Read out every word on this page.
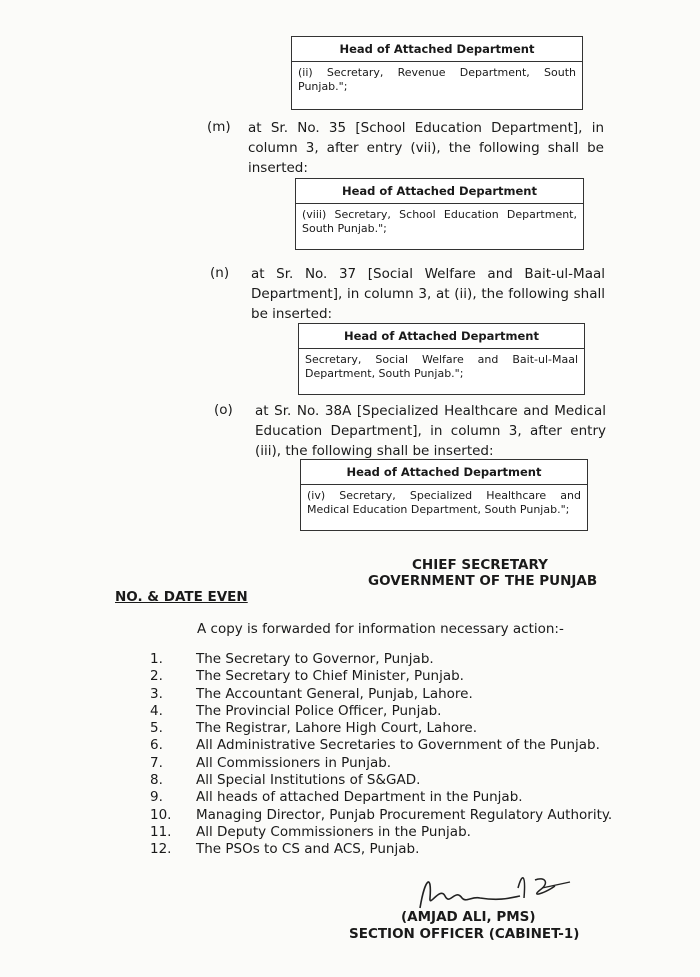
Head of Attached Department
(ii) Secretary, Revenue Department, South Punjab.";
(m) at Sr. No. 35 [School Education Department], in column 3, after entry (vii), the following shall be inserted:
Head of Attached Department
(viii) Secretary, School Education Department, South Punjab.";
(n) at Sr. No. 37 [Social Welfare and Bait-ul-Maal Department], in column 3, at (ii), the following shall be inserted:
Head of Attached Department
Secretary, Social Welfare and Bait-ul-Maal Department, South Punjab.";
(o) at Sr. No. 38A [Specialized Healthcare and Medical Education Department], in column 3, after entry (iii), the following shall be inserted:
Head of Attached Department
(iv) Secretary, Specialized Healthcare and Medical Education Department, South Punjab.";
CHIEF SECRETARY
GOVERNMENT OF THE PUNJAB
NO. & DATE EVEN
A copy is forwarded for information necessary action:-
1.	The Secretary to Governor, Punjab.
2.	The Secretary to Chief Minister, Punjab.
3.	The Accountant General, Punjab, Lahore.
4.	The Provincial Police Officer, Punjab.
5.	The Registrar, Lahore High Court, Lahore.
6.	All Administrative Secretaries to Government of the Punjab.
7.	All Commissioners in Punjab.
8.	All Special Institutions of S&GAD.
9.	All heads of attached Department in the Punjab.
10.	Managing Director, Punjab Procurement Regulatory Authority.
11.	All Deputy Commissioners in the Punjab.
12.	The PSOs to CS and ACS, Punjab.
(AMJAD ALI, PMS)
SECTION OFFICER (CABINET-1)
